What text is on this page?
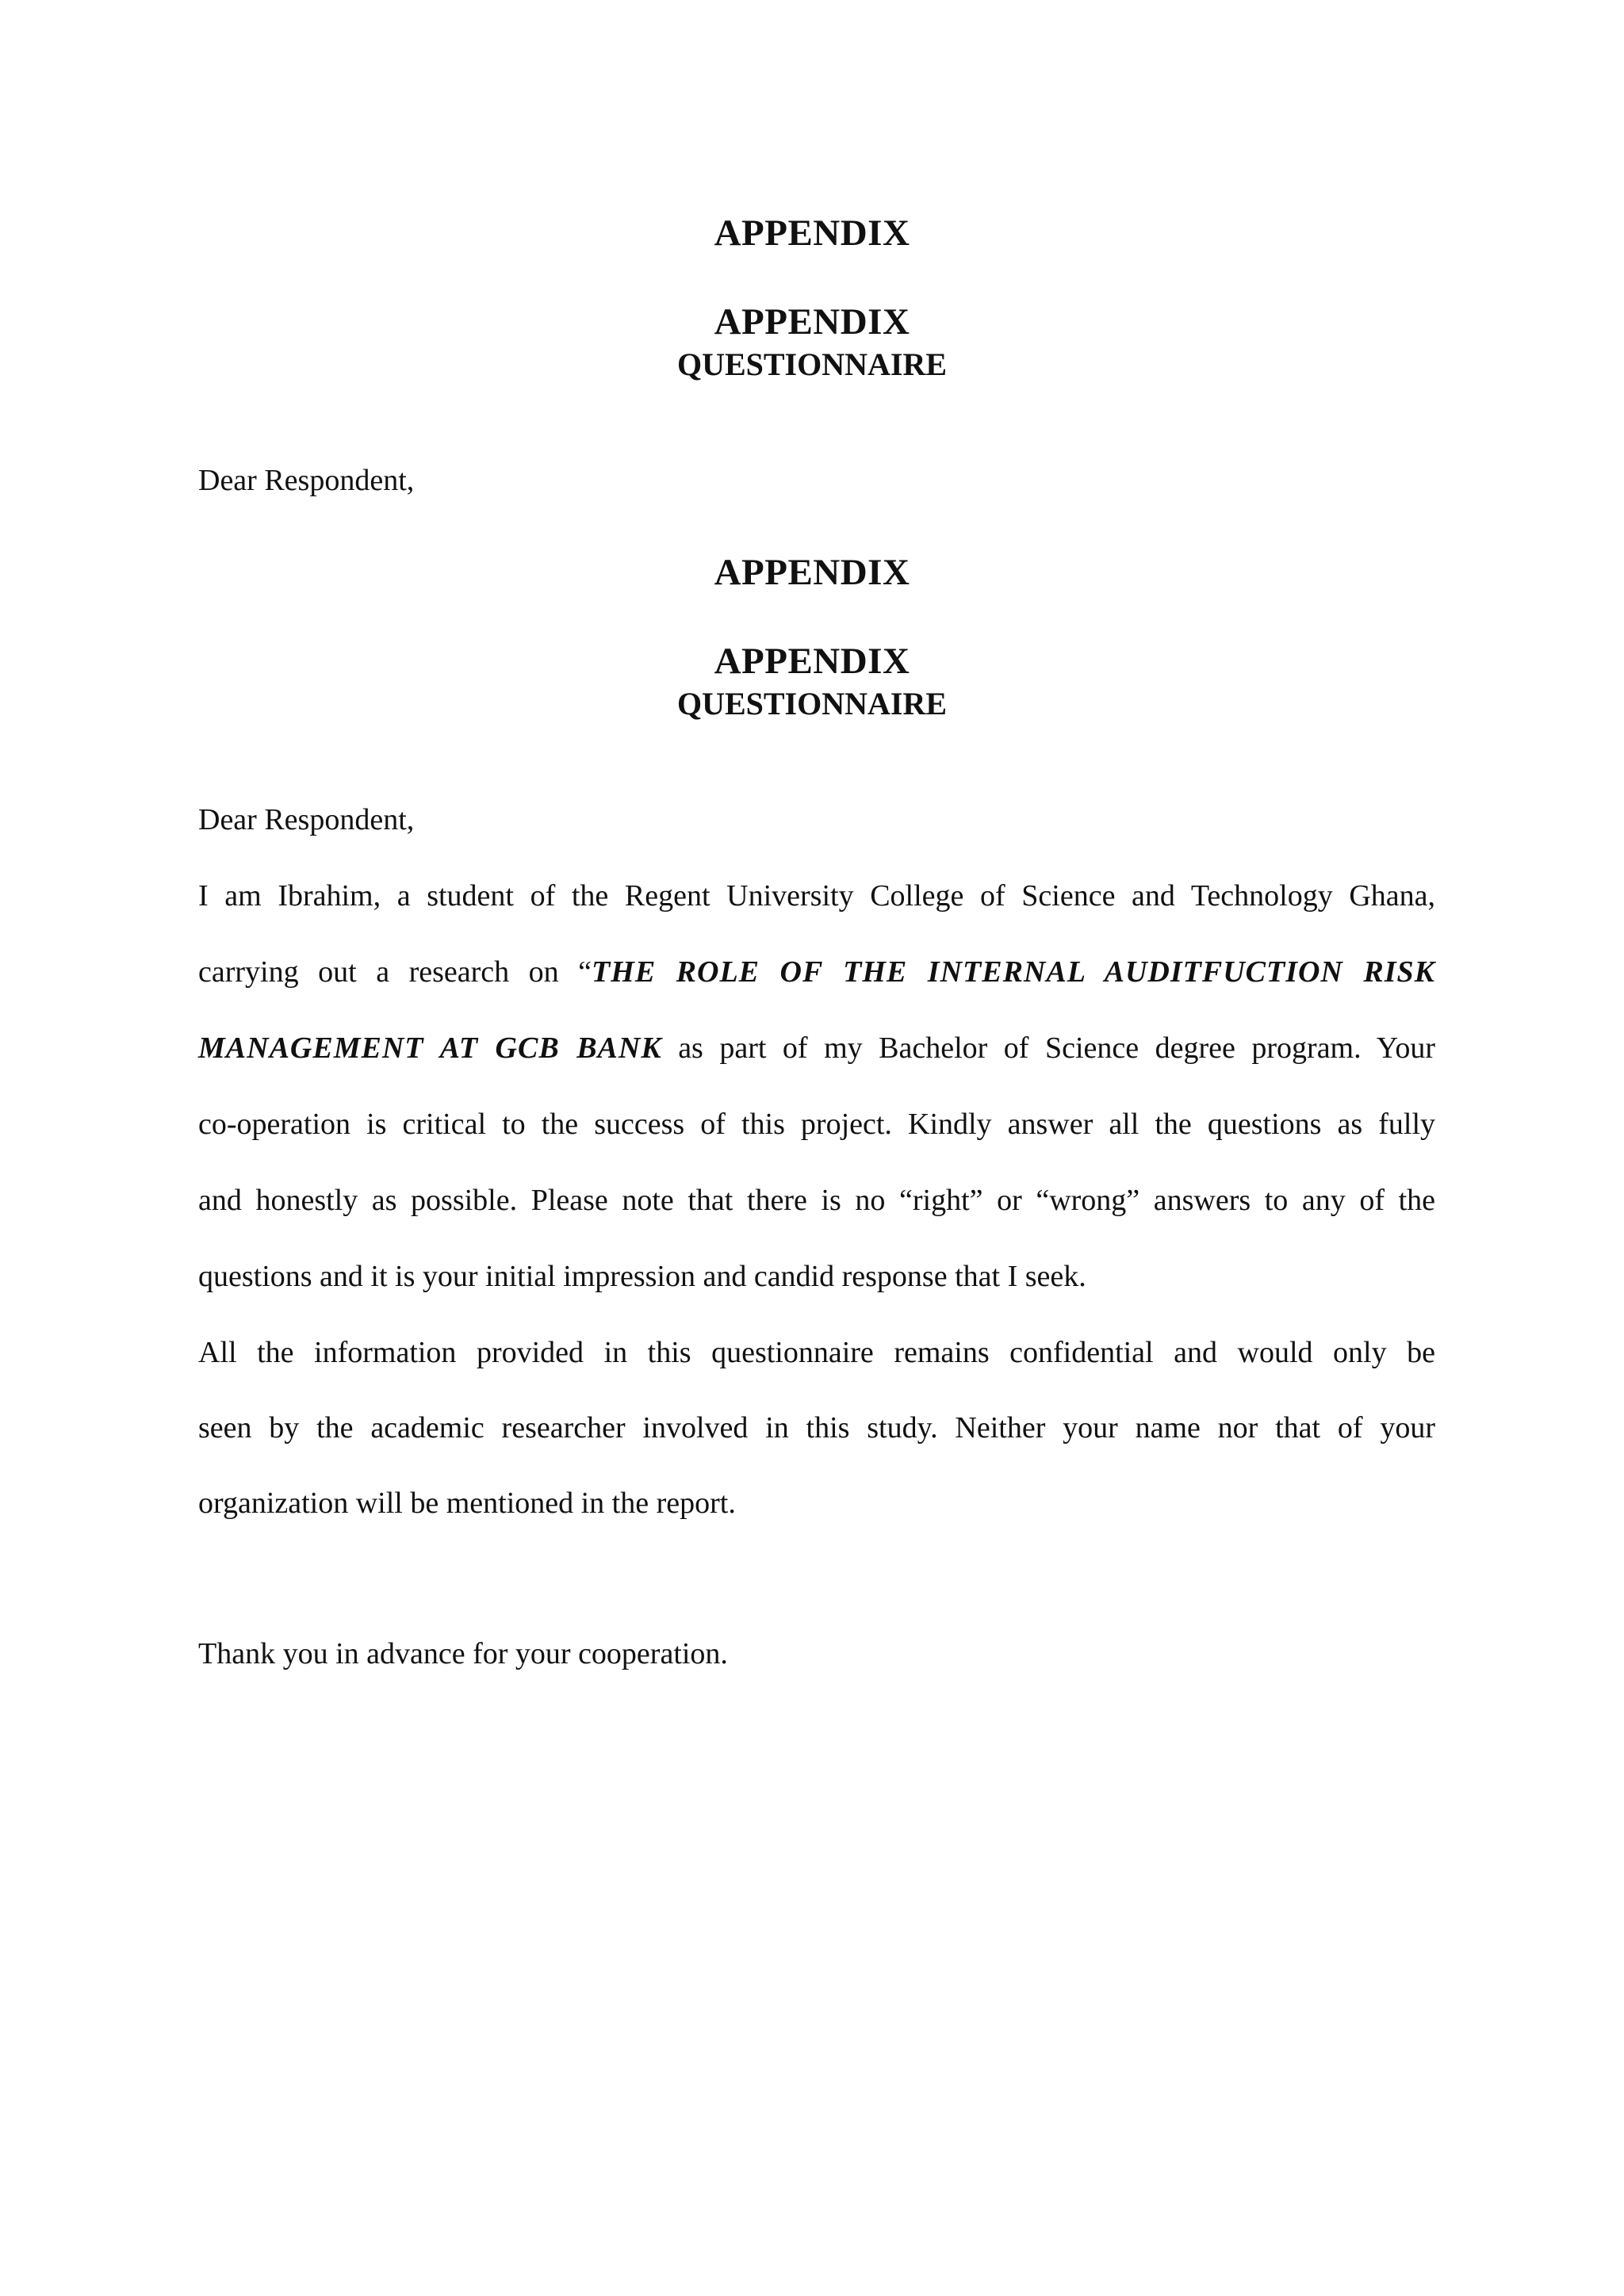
APPENDIX
APPENDIX
QUESTIONNAIRE
Dear Respondent,
APPENDIX
APPENDIX
QUESTIONNAIRE
Dear Respondent,
I am Ibrahim, a student of the Regent University College of Science and Technology Ghana,
carrying out a research on “THE ROLE OF THE INTERNAL AUDITFUCTION RISK
MANAGEMENT AT GCB BANK as part of my Bachelor of Science degree program. Your
co-operation is critical to the success of this project. Kindly answer all the questions as fully
and honestly as possible. Please note that there is no “right” or “wrong” answers to any of the
questions and it is your initial impression and candid response that I seek.
All the information provided in this questionnaire remains confidential and would only be
seen by the academic researcher involved in this study. Neither your name nor that of your
organization will be mentioned in the report.
Thank you in advance for your cooperation.
